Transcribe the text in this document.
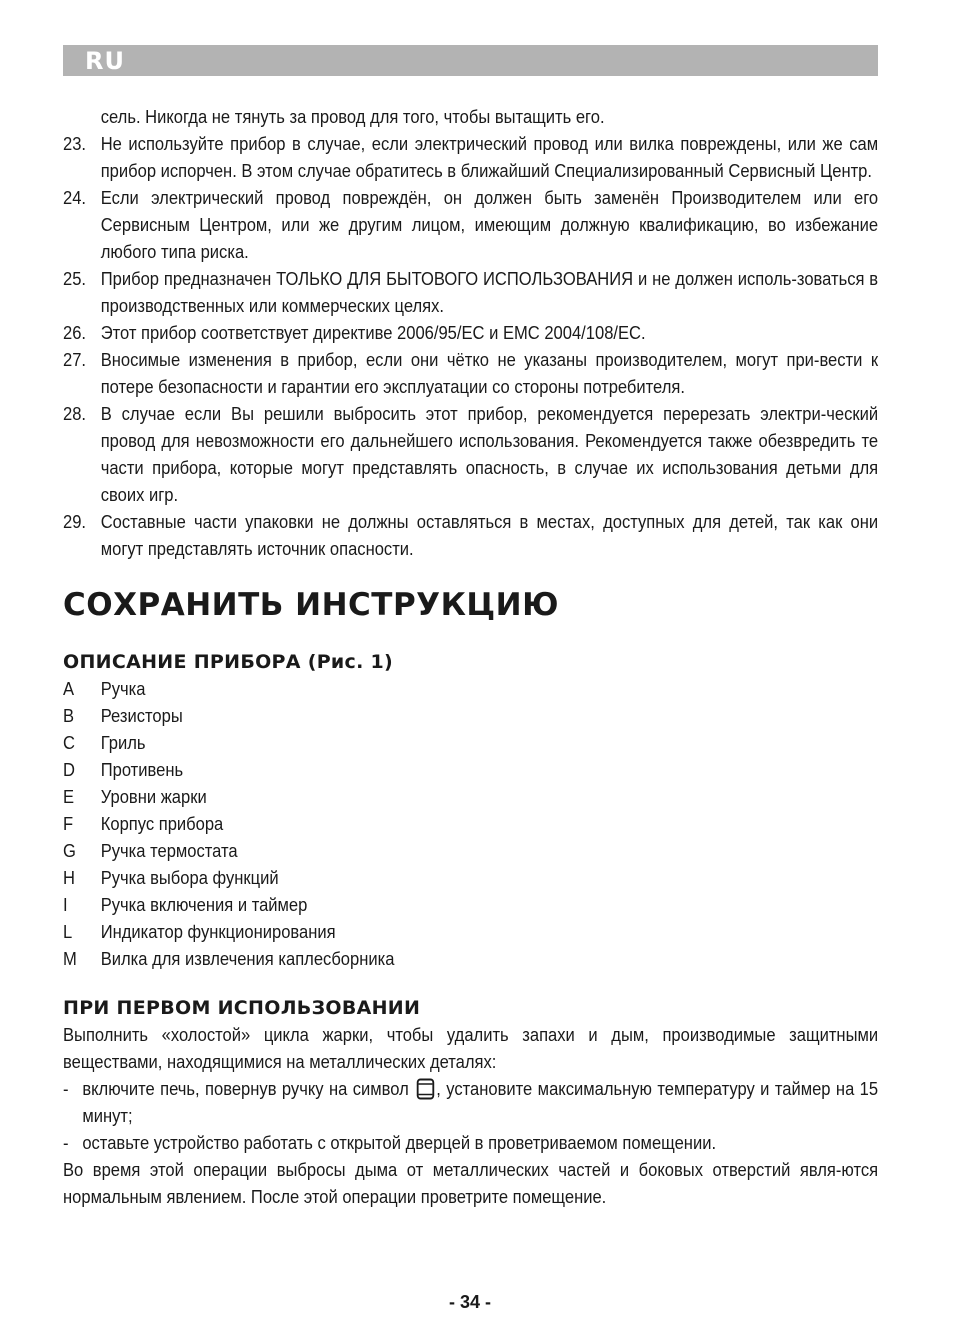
RU
сель. Никогда не тянуть за провод для того, чтобы вытащить его.
23. Не используйте прибор в случае, если электрический провод или вилка повреждены, или же сам прибор испорчен. В этом случае обратитесь в ближайший Специализированный Сервисный Центр.
24. Если электрический провод повреждён, он должен быть заменён Производителем или его Сервисным Центром, или же другим лицом, имеющим должную квалификацию, во избежание любого типа риска.
25. Прибор предназначен ТОЛЬКО ДЛЯ БЫТОВОГО ИСПОЛЬЗОВАНИЯ и не должен исполь-зоваться в производственных или коммерческих целях.
26. Этот прибор соответствует директиве 2006/95/EC и EMC 2004/108/EC.
27. Вносимые изменения в прибор, если они чётко не указаны производителем, могут при-вести к потере безопасности и гарантии его эксплуатации со стороны потребителя.
28. В случае если Вы решили выбросить этот прибор, рекомендуется перерезать электри-ческий провод для невозможности его дальнейшего использования. Рекомендуется также обезвредить те части прибора, которые могут представлять опасность, в случае их использования детьми для своих игр.
29. Составные части упаковки не должны оставляться в местах, доступных для детей, так как они могут представлять источник опасности.
СОХРАНИТЬ ИНСТРУКЦИЮ
ОПИСАНИЕ ПРИБОРА (Рис. 1)
A	Ручка
B	Резисторы
C	Гриль
D	Противень
E	Уровни жарки
F	Корпус прибора
G	Ручка термостата
H	Ручка выбора функций
I	Ручка включения и таймер
L	Индикатор функционирования
M	Вилка для извлечения каплесборника
ПРИ ПЕРВОМ ИСПОЛЬЗОВАНИИ
Выполнить «холостой» цикла жарки, чтобы удалить запахи и дым, производимые защитными веществами, находящимися на металлических деталях:
- включите печь, повернув ручку на символ , установите максимальную температуру и таймер на 15 минут;
- оставьте устройство работать с открытой дверцей в проветриваемом помещении.
Во время этой операции выбросы дыма от металлических частей и боковых отверстий явля-ются нормальным явлением. После этой операции проветрите помещение.
- 34 -
